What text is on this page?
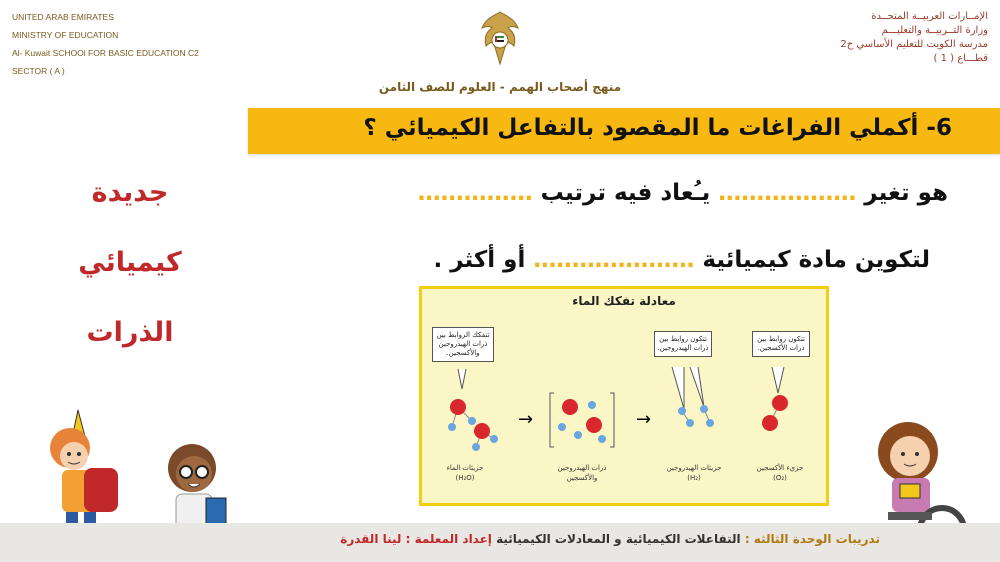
UNITED ARAB EMIRATES
MINISTRY OF EDUCATION
Al- Kuwait SCHOOl FOR BASIC EDUCATION C2
SECTOR ( A )
الإمــارات العربيــة المتحــدة
وزارة التــربيــة والتعليـــم
مدرسة الكويت للتعليم الأساسي ح2
قطـــاع ( 1 )
منهج أصحاب الهمم - العلوم للصف الثامن
6- أكملي الفراغات ما المقصود بالتفاعل الكيميائي ؟
هو تغير ……………… يـُعاد فيه ترتيب ……………
لتكوين مادة كيميائية ………………… أو أكثر .
جديدة
كيميائي
الذرات
معادلة تفكك الماء
تتفكك الروابط بين ذرات الهيدروجين والأكسجين.
تتكون روابط بين ذرات الهيدروجين.
تتكون روابط بين ذرات الأكسجين.
→	→
جزيئات الماء
(H₂O)
ذرات الهيدروجين
والأكسجين
جزيئات الهيدروجين
(H₂)
جزيء الأكسجين
(O₂)
تدريبات الوحدة الثالثه : التفاعلات الكيميائية و المعادلات الكيميائية إعداد المعلمة : لينا القدرة
